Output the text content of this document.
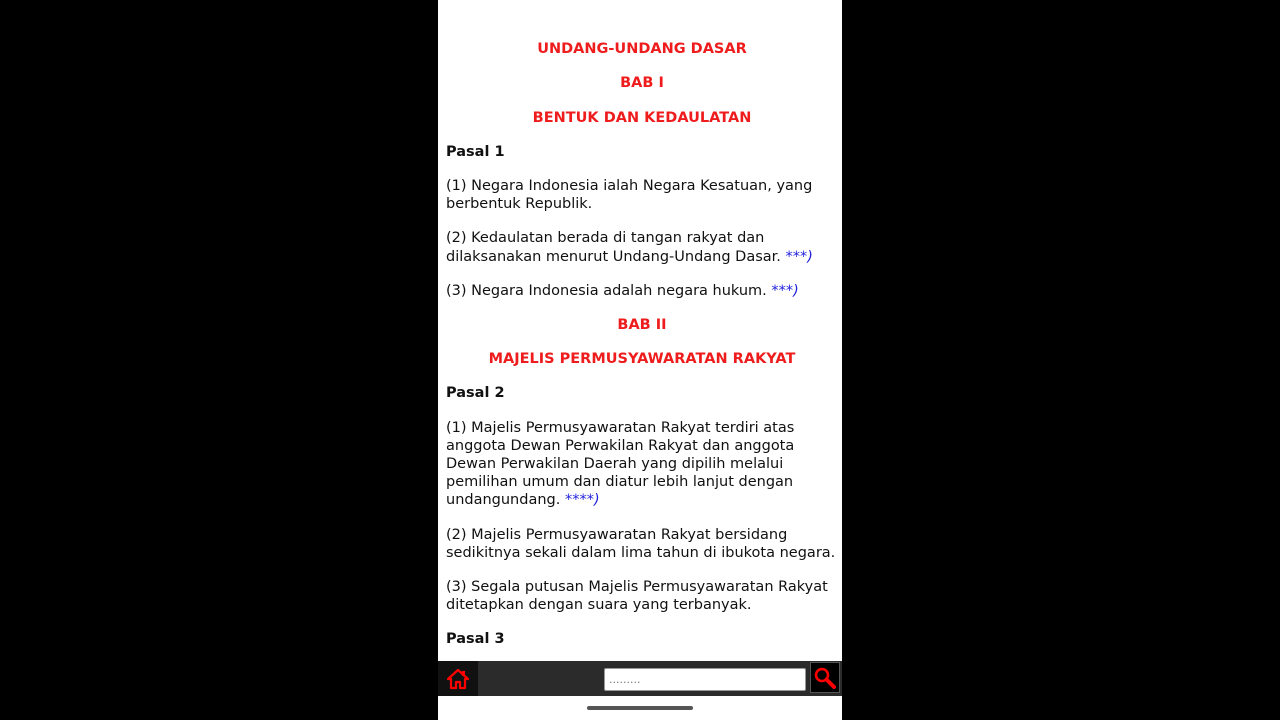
UNDANG-UNDANG DASAR

BAB I

BENTUK DAN KEDAULATAN

Pasal 1

(1) Negara Indonesia ialah Negara Kesatuan, yang berbentuk Republik.

(2) Kedaulatan berada di tangan rakyat dan dilaksanakan menurut Undang-Undang Dasar. ***)

(3) Negara Indonesia adalah negara hukum. ***)

BAB II

MAJELIS PERMUSYAWARATAN RAKYAT

Pasal 2

(1) Majelis Permusyawaratan Rakyat terdiri atas anggota Dewan Perwakilan Rakyat dan anggota Dewan Perwakilan Daerah yang dipilih melalui pemilihan umum dan diatur lebih lanjut dengan undangundang. ****)

(2) Majelis Permusyawaratan Rakyat bersidang sedikitnya sekali dalam lima tahun di ibukota negara.

(3) Segala putusan Majelis Permusyawaratan Rakyat ditetapkan dengan suara yang terbanyak.

Pasal 3

.........
